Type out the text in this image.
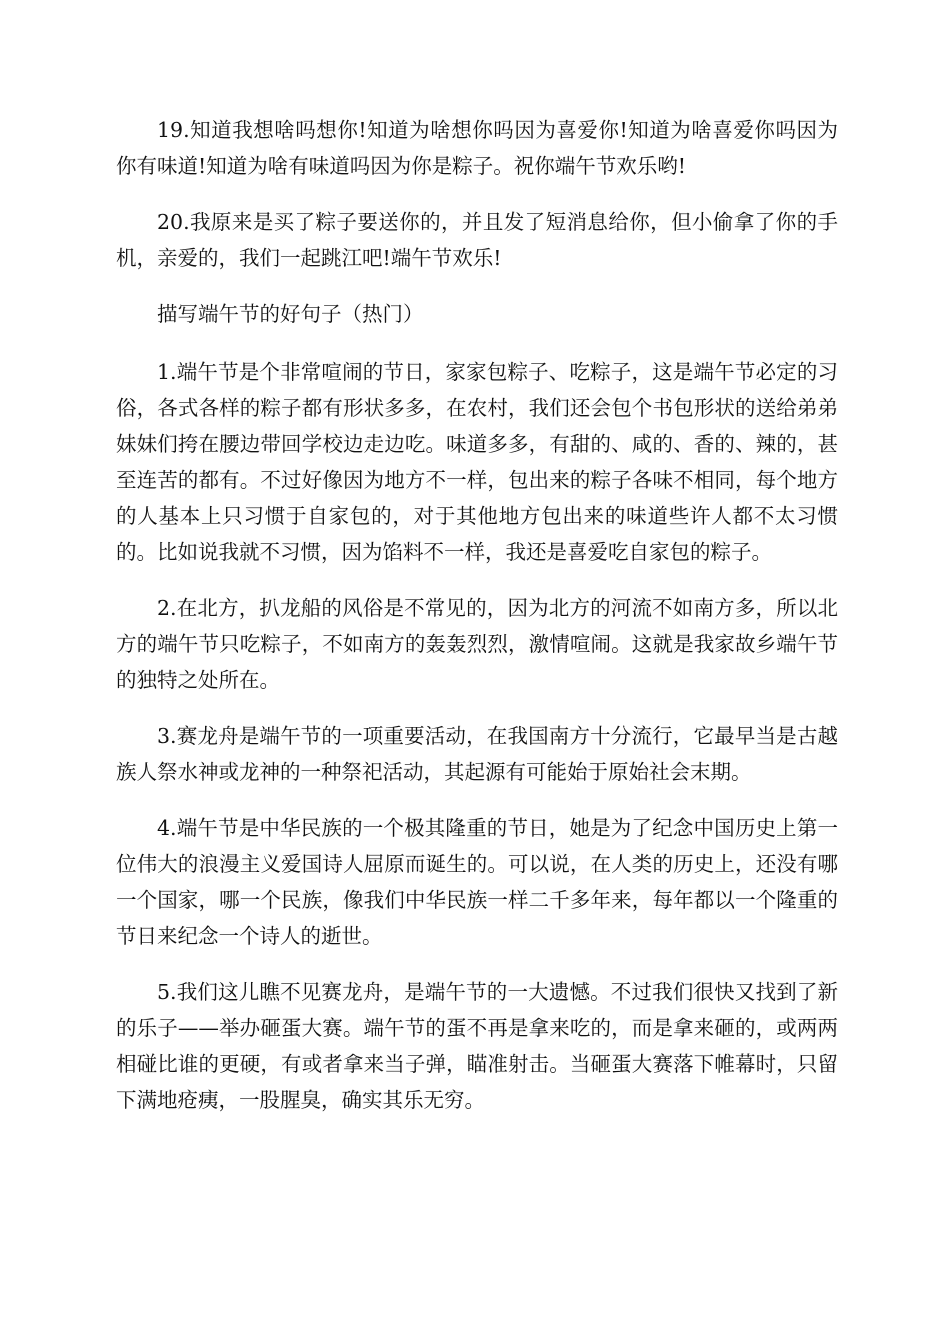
19.知道我想啥吗想你!知道为啥想你吗因为喜爱你!知道为啥喜爱你吗因为你有味道!知道为啥有味道吗因为你是粽子。祝你端午节欢乐哟!

20.我原来是买了粽子要送你的，并且发了短消息给你，但小偷拿了你的手机，亲爱的，我们一起跳江吧!端午节欢乐!

描写端午节的好句子（热门）

1.端午节是个非常喧闹的节日，家家包粽子、吃粽子，这是端午节必定的习俗，各式各样的粽子都有形状多多，在农村，我们还会包个书包形状的送给弟弟妹妹们挎在腰边带回学校边走边吃。味道多多，有甜的、咸的、香的、辣的，甚至连苦的都有。不过好像因为地方不一样，包出来的粽子各味不相同，每个地方的人基本上只习惯于自家包的，对于其他地方包出来的味道些许人都不太习惯的。比如说我就不习惯，因为馅料不一样，我还是喜爱吃自家包的粽子。

2.在北方，扒龙船的风俗是不常见的，因为北方的河流不如南方多，所以北方的端午节只吃粽子，不如南方的轰轰烈烈，激情喧闹。这就是我家故乡端午节的独特之处所在。

3.赛龙舟是端午节的一项重要活动，在我国南方十分流行，它最早当是古越族人祭水神或龙神的一种祭祀活动，其起源有可能始于原始社会末期。

4.端午节是中华民族的一个极其隆重的节日，她是为了纪念中国历史上第一位伟大的浪漫主义爱国诗人屈原而诞生的。可以说，在人类的历史上，还没有哪一个国家，哪一个民族，像我们中华民族一样二千多年来，每年都以一个隆重的节日来纪念一个诗人的逝世。

5.我们这儿瞧不见赛龙舟，是端午节的一大遗憾。不过我们很快又找到了新的乐子——举办砸蛋大赛。端午节的蛋不再是拿来吃的，而是拿来砸的，或两两相碰比谁的更硬，有或者拿来当子弹，瞄准射击。当砸蛋大赛落下帷幕时，只留下满地疮痍，一股腥臭，确实其乐无穷。
